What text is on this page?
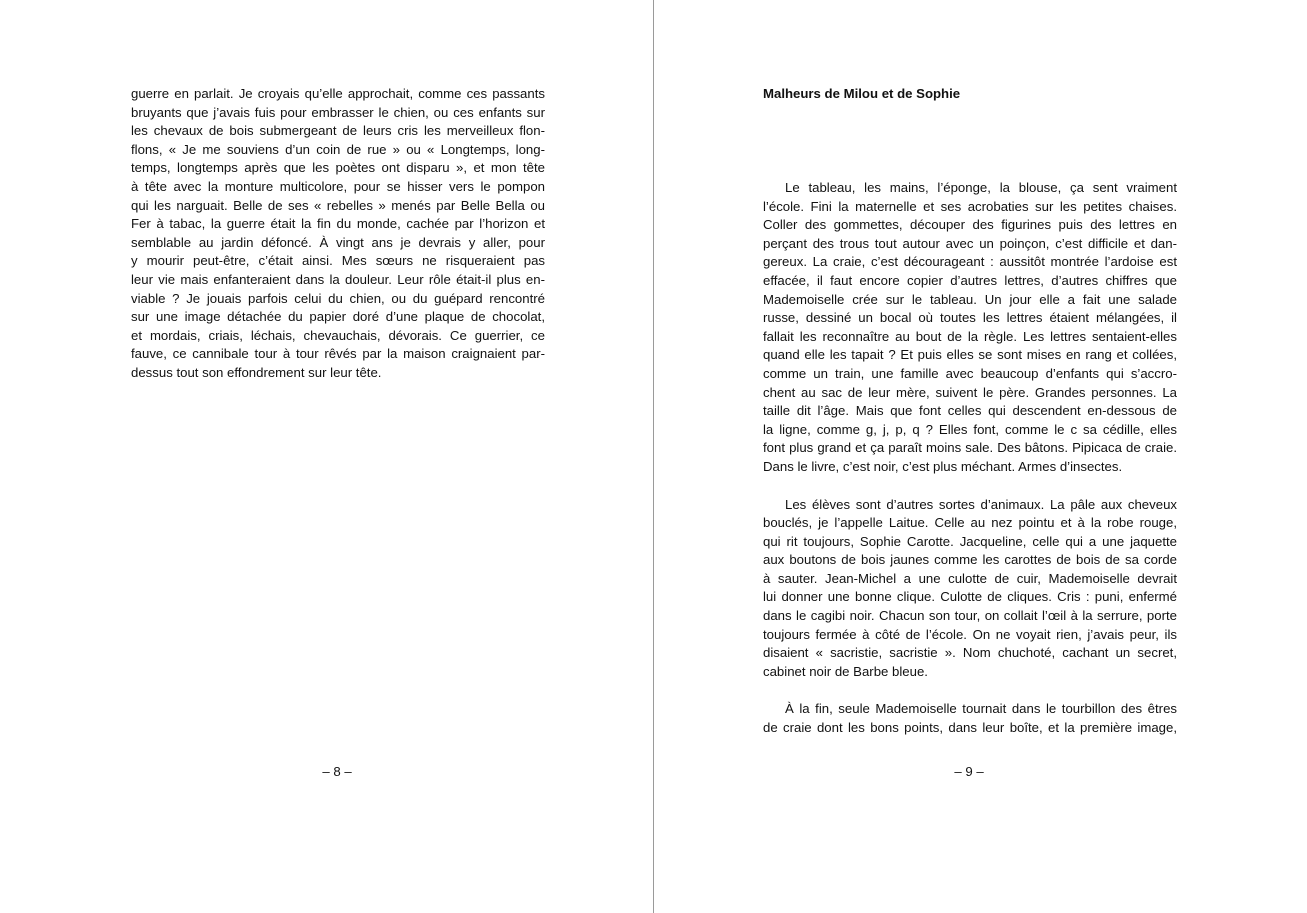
guerre en parlait. Je croyais qu’elle approchait, comme ces passants
bruyants que j’avais fuis pour embrasser le chien, ou ces enfants sur
les chevaux de bois submergeant de leurs cris les merveilleux flon-
flons, « Je me souviens d’un coin de rue » ou « Longtemps, long-
temps, longtemps après que les poètes ont disparu », et mon tête
à tête avec la monture multicolore, pour se hisser vers le pompon
qui les narguait. Belle de ses « rebelles » menés par Belle Bella ou
Fer à tabac, la guerre était la fin du monde, cachée par l’horizon et
semblable au jardin défoncé. À vingt ans je devrais y aller, pour
y mourir peut-être, c’était ainsi. Mes sœurs ne risqueraient pas
leur vie mais enfanteraient dans la douleur. Leur rôle était-il plus en-
viable ? Je jouais parfois celui du chien, ou du guépard rencontré
sur une image détachée du papier doré d’une plaque de chocolat,
et mordais, criais, léchais, chevauchais, dévorais. Ce guerrier, ce
fauve, ce cannibale tour à tour rêvés par la maison craignaient par-
dessus tout son effondrement sur leur tête.
– 8 –
Malheurs de Milou et de Sophie
Le tableau, les mains, l’éponge, la blouse, ça sent vraiment
l’école. Fini la maternelle et ses acrobaties sur les petites chaises.
Coller des gommettes, découper des figurines puis des lettres en
perçant des trous tout autour avec un poinçon, c’est difficile et dan-
gereux. La craie, c’est décourageant : aussitôt montrée l’ardoise est
effacée, il faut encore copier d’autres lettres, d’autres chiffres que
Mademoiselle crée sur le tableau. Un jour elle a fait une salade
russe, dessiné un bocal où toutes les lettres étaient mélangées, il
fallait les reconnaître au bout de la règle. Les lettres sentaient-elles
quand elle les tapait ? Et puis elles se sont mises en rang et collées,
comme un train, une famille avec beaucoup d’enfants qui s’accro-
chent au sac de leur mère, suivent le père. Grandes personnes. La
taille dit l’âge. Mais que font celles qui descendent en-dessous de
la ligne, comme g, j, p, q ? Elles font, comme le c sa cédille, elles
font plus grand et ça paraît moins sale. Des bâtons. Pipicaca de craie.
Dans le livre, c’est noir, c’est plus méchant. Armes d’insectes.
Les élèves sont d’autres sortes d’animaux. La pâle aux cheveux
bouclés, je l’appelle Laitue. Celle au nez pointu et à la robe rouge,
qui rit toujours, Sophie Carotte. Jacqueline, celle qui a une jaquette
aux boutons de bois jaunes comme les carottes de bois de sa corde
à sauter. Jean-Michel a une culotte de cuir, Mademoiselle devrait
lui donner une bonne clique. Culotte de cliques. Cris : puni, enfermé
dans le cagibi noir. Chacun son tour, on collait l’œil à la serrure, porte
toujours fermée à côté de l’école. On ne voyait rien, j’avais peur, ils
disaient « sacristie, sacristie ». Nom chuchoté, cachant un secret,
cabinet noir de Barbe bleue.
À la fin, seule Mademoiselle tournait dans le tourbillon des êtres
de craie dont les bons points, dans leur boîte, et la première image,
– 9 –
